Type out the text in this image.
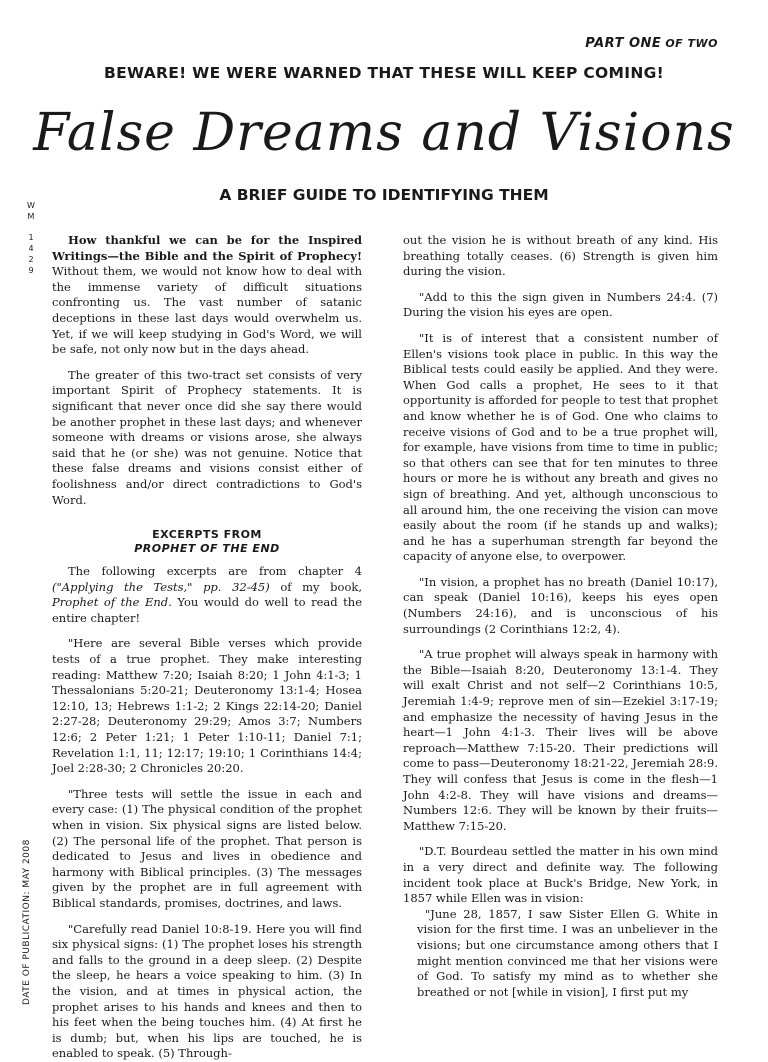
PART ONE OF TWO
BEWARE! WE WERE WARNED THAT THESE WILL KEEP COMING!
False Dreams and Visions
A BRIEF GUIDE TO IDENTIFYING THEM
W
M
1
4
2
9
DATE OF PUBLICATION: MAY 2008

How thankful we can be for the Inspired Writings—the Bible and the Spirit of Prophecy! Without them, we would not know how to deal with the immense variety of difficult situations confronting us. The vast number of satanic deceptions in these last days would overwhelm us. Yet, if we will keep studying in God's Word, we will be safe, not only now but in the days ahead.

The greater of this two-tract set consists of very important Spirit of Prophecy statements. It is significant that never once did she say there would be another prophet in these last days; and whenever someone with dreams or visions arose, she always said that he (or she) was not genuine. Notice that these false dreams and visions consist either of foolishness and/or direct contradictions to God's Word.

EXCERPTS FROM
PROPHET OF THE END

The following excerpts are from chapter 4 ("Applying the Tests," pp. 32-45) of my book, Prophet of the End. You would do well to read the entire chapter!

"Here are several Bible verses which provide tests of a true prophet. They make interesting reading: Matthew 7:20; Isaiah 8:20; 1 John 4:1-3; 1 Thessalonians 5:20-21; Deuteronomy 13:1-4; Hosea 12:10, 13; Hebrews 1:1-2; 2 Kings 22:14-20; Daniel 2:27-28; Deuteronomy 29:29; Amos 3:7; Numbers 12:6; 2 Peter 1:21; 1 Peter 1:10-11; Daniel 7:1; Revelation 1:1, 11; 12:17; 19:10; 1 Corinthians 14:4; Joel 2:28-30; 2 Chronicles 20:20.

"Three tests will settle the issue in each and every case: (1) The physical condition of the prophet when in vision. Six physical signs are listed below. (2) The personal life of the prophet. That person is dedicated to Jesus and lives in obedience and harmony with Biblical principles. (3) The messages given by the prophet are in full agreement with Biblical standards, promises, doctrines, and laws.

"Carefully read Daniel 10:8-19. Here you will find six physical signs: (1) The prophet loses his strength and falls to the ground in a deep sleep. (2) Despite the sleep, he hears a voice speaking to him. (3) In the vision, and at times in physical action, the prophet arises to his hands and knees and then to his feet when the being touches him. (4) At first he is dumb; but, when his lips are touched, he is enabled to speak. (5) Through-

out the vision he is without breath of any kind. His breathing totally ceases. (6) Strength is given him during the vision.

"Add to this the sign given in Numbers 24:4. (7) During the vision his eyes are open.

"It is of interest that a consistent number of Ellen's visions took place in public. In this way the Biblical tests could easily be applied. And they were. When God calls a prophet, He sees to it that opportunity is afforded for people to test that prophet and know whether he is of God. One who claims to receive visions of God and to be a true prophet will, for example, have visions from time to time in public; so that others can see that for ten minutes to three hours or more he is without any breath and gives no sign of breathing. And yet, although unconscious to all around him, the one receiving the vision can move easily about the room (if he stands up and walks); and he has a superhuman strength far beyond the capacity of anyone else, to overpower.

"In vision, a prophet has no breath (Daniel 10:17), can speak (Daniel 10:16), keeps his eyes open (Numbers 24:16), and is unconscious of his surroundings (2 Corinthians 12:2, 4).

"A true prophet will always speak in harmony with the Bible—Isaiah 8:20, Deuteronomy 13:1-4. They will exalt Christ and not self—2 Corinthians 10:5, Jeremiah 1:4-9; reprove men of sin—Ezekiel 3:17-19; and emphasize the necessity of having Jesus in the heart—1 John 4:1-3. Their lives will be above reproach—Matthew 7:15-20. Their predictions will come to pass—Deuteronomy 18:21-22, Jeremiah 28:9. They will confess that Jesus is come in the flesh—1 John 4:2-8. They will have visions and dreams—Numbers 12:6. They will be known by their fruits—Matthew 7:15-20.

"D.T. Bourdeau settled the matter in his own mind in a very direct and definite way. The following incident took place at Buck's Bridge, New York, in 1857 while Ellen was in vision:

"June 28, 1857, I saw Sister Ellen G. White in vision for the first time. I was an unbeliever in the visions; but one circumstance among others that I might mention convinced me that her visions were of God. To satisfy my mind as to whether she breathed or not [while in vision], I first put my
